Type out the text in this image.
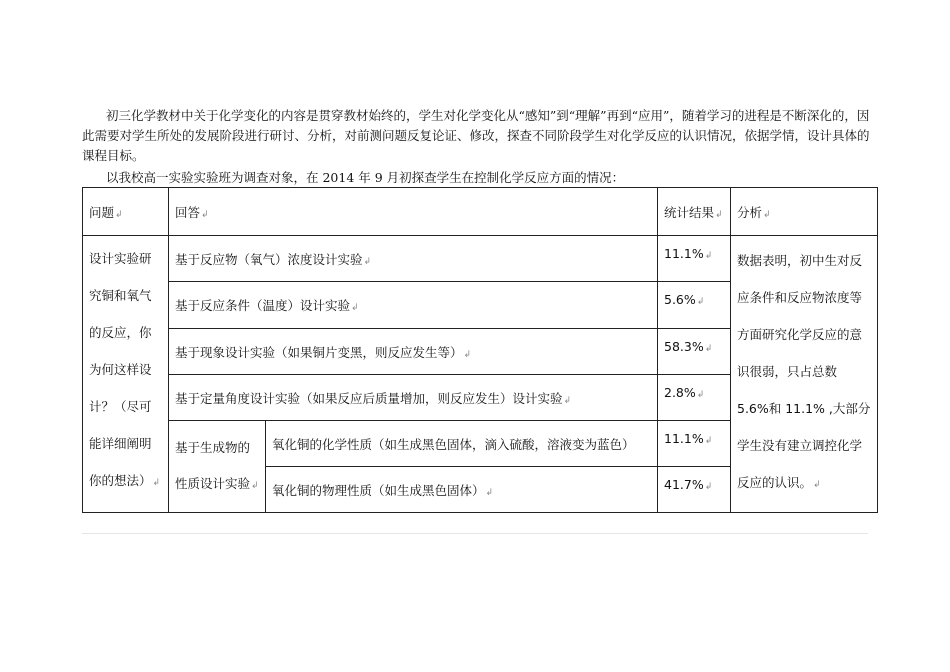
初三化学教材中关于化学变化的内容是贯穿教材始终的，学生对化学变化从“感知”到“理解”再到“应用”，随着学习的进程是不断深化的，因此需要对学生所处的发展阶段进行研讨、分析，对前测问题反复论证、修改，探查不同阶段学生对化学反应的认识情况，依据学情，设计具体的课程目标。

以我校高一实验实验班为调查对象，在 2014 年 9 月初探查学生在控制化学反应方面的情况：

问题↲	回答↲		统计结果↲	分析↲

设计实验研究铜和氧气的反应，你为何这样设计？（尽可能详细阐明你的想法）↲	基于反应物（氧气）浓度设计实验↲		11.1%↲	数据表明，初中生对反应条件和反应物浓度等方面研究化学反应的意识很弱，只占总数 5.6%和 11.1% ,大部分学生没有建立调控化学反应的认识。↲

	基于反应条件（温度）设计实验↲		5.6%↲	

	基于现象设计实验（如果铜片变黑，则反应发生等）↲		58.3%↲	

	基于定量角度设计实验（如果反应后质量增加，则反应发生）设计实验↲		2.8%↲	

	基于生成物的性质设计实验↲	氧化铜的化学性质（如生成黑色固体，滴入硫酸，溶液变为蓝色）	11.1%↲	

		氧化铜的物理性质（如生成黑色固体）↲	41.7%↲	
